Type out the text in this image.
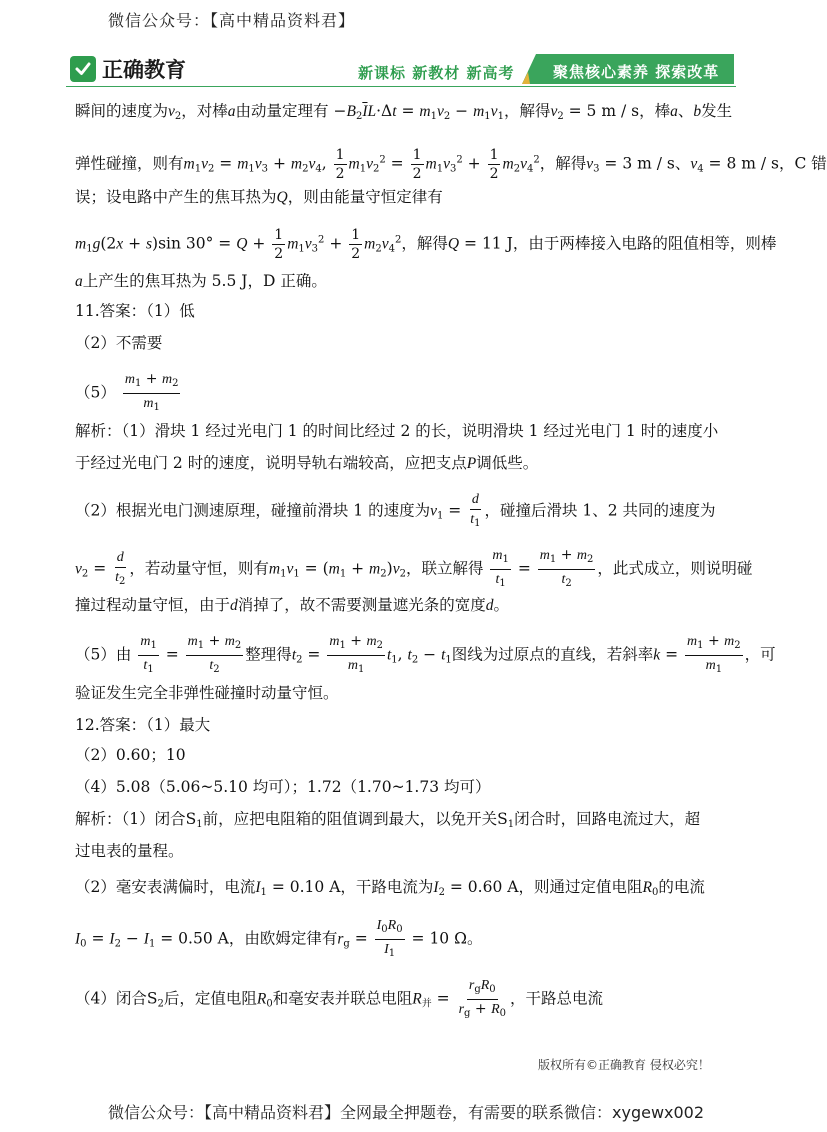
微信公众号：【高中精品资料君】
正确教育	新课标 新教材 新高考	聚焦核心素养 探索改革
瞬间的速度为$v_2$，对棒a由动量定理有 $-B_2\overline{I}L\cdot\Delta t = m_1v_2 - m_1v_1$，解得$v_2 = 5$ m / s，棒a、b发生
弹性碰撞，则有$m_1v_2 = m_1v_3 + m_2v_4$, $\frac{1}{2} m_1v_2^2 = \frac{1}{2} m_1v_3^2 + \frac{1}{2} m_2v_4^2$，解得$v_3 = 3$ m / s、$v_4 = 8$ m / s，C 错
误；设电路中产生的焦耳热为Q，则由能量守恒定律有
$m_1g(2x + s)\sin$ $30^\circ = Q + \frac{1}{2} m_1v_3^2 + \frac{1}{2} m_2v_4^2$，解得Q = 11 J，由于两棒接入电路的阻值相等，则棒
a上产生的焦耳热为 5.5 J，D 正确。
11.答案：（1）低
（2）不需要
$(5) \frac{m_1 + m_2}{m_1}$
解析：（1）滑块 1 经过光电门 1 的时间比经过 2 的长，说明滑块 1 经过光电门 1 时的速度小
于经过光电门 2 时的速度，说明导轨右端较高，应把支点P调低些。
（2）根据光电门测速原理，碰撞前滑块 1 的速度为$v_1 = \frac{d}{t_1}$ ，碰撞后滑块 1、2 共同的速度为
$v_2 = \frac{d}{t_2}$ ，若动量守恒，则有$m_1v_1 = (m_1 + m_2)v_2$，联立解得 $\frac{m_1}{t_1} = \frac{m_1 + m_2}{t_2}$ ，此式成立，则说明碰
撞过程动量守恒，由于d消掉了，故不需要测量遮光条的宽度d。
（5）由 $\frac{m_1}{t_1} = \frac{m_1 + m_2}{t_2}$ 整理得$t_2 = \frac{m_1 + m_2}{m_1} t_1$, $t_2 - t_1$图线为过原点的直线，若斜率$k = \frac{m_1 + m_2}{m_1}$ ，可
验证发生完全非弹性碰撞时动量守恒。
12.答案：（1）最大
（2）0.60；10
（4）5.08（5.06~5.10 均可）；1.72（1.70~1.73 均可）
解析：（1）闭合$S_1$前，应把电阻箱的阻值调到最大，以免开关$S_1$闭合时，回路电流过大，超
过电表的量程。
（2）毫安表满偏时，电流$I_1 = 0.10$ A，干路电流为$I_2 = 0.60$ A，则通过定值电阻$R_0$的电流
$I_0 = I_2 - I_1 = 0.50$ A，由欧姆定律有$r_g = \frac{I_0R_0}{I_1} = 10$ Ω。
（4）闭合$S_2$后，定值电阻$R_0$和毫安表并联总电阻$R_并 = \frac{r_gR_0}{r_g + R_0}$ ，干路总电流
版权所有©正确教育 侵权必究！
微信公众号：【高中精品资料君】全网最全押题卷，有需要的联系微信：xygewx002
